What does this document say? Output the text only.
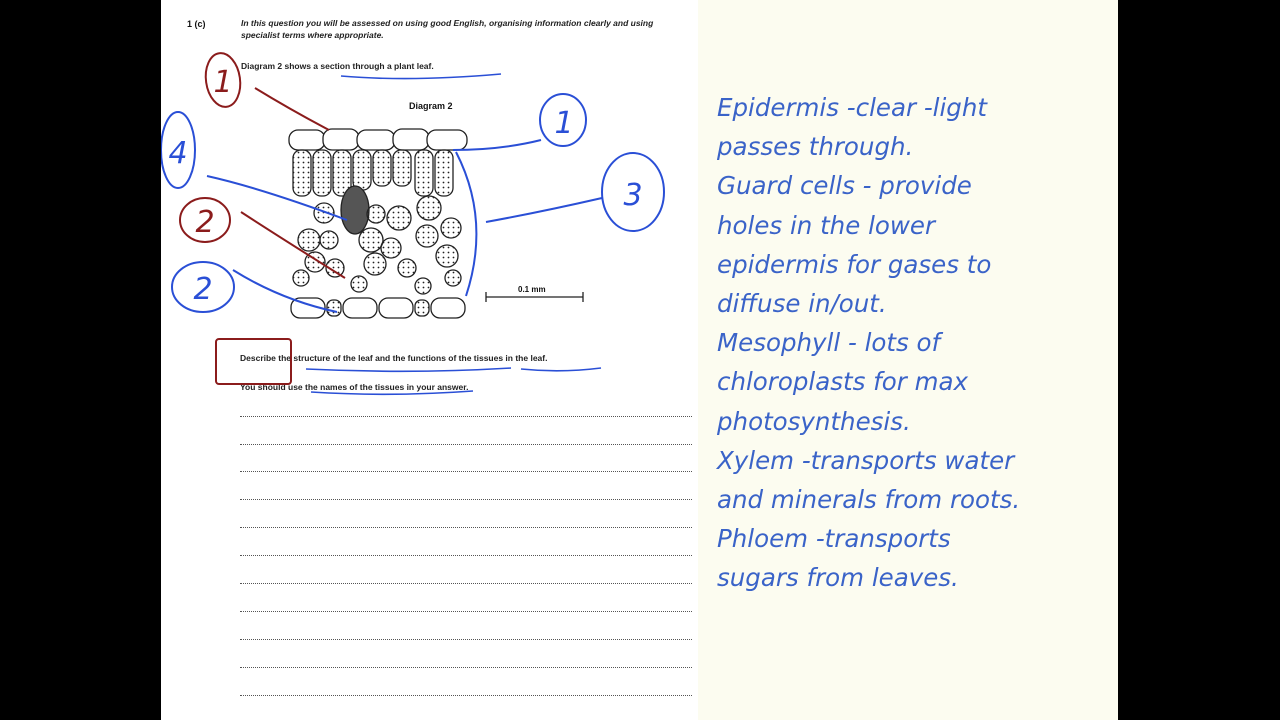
1 (c)	In this question you will be assessed on using good English, organising information clearly and using specialist terms where appropriate.
Diagram 2 shows a section through a plant leaf.
Diagram 2
0.1 mm
Describe the structure of the leaf and the functions of the tissues in the leaf.
You should use the names of the tissues in your answer.
1
1
4
3
2
2
Epidermis -clear -light
passes through.
Guard cells - provide
holes in the lower
epidermis for gases to
diffuse in/out.
Mesophyll - lots of
chloroplasts for max
photosynthesis.
Xylem -transports water
and minerals from roots.
Phloem -transports
sugars from leaves.
